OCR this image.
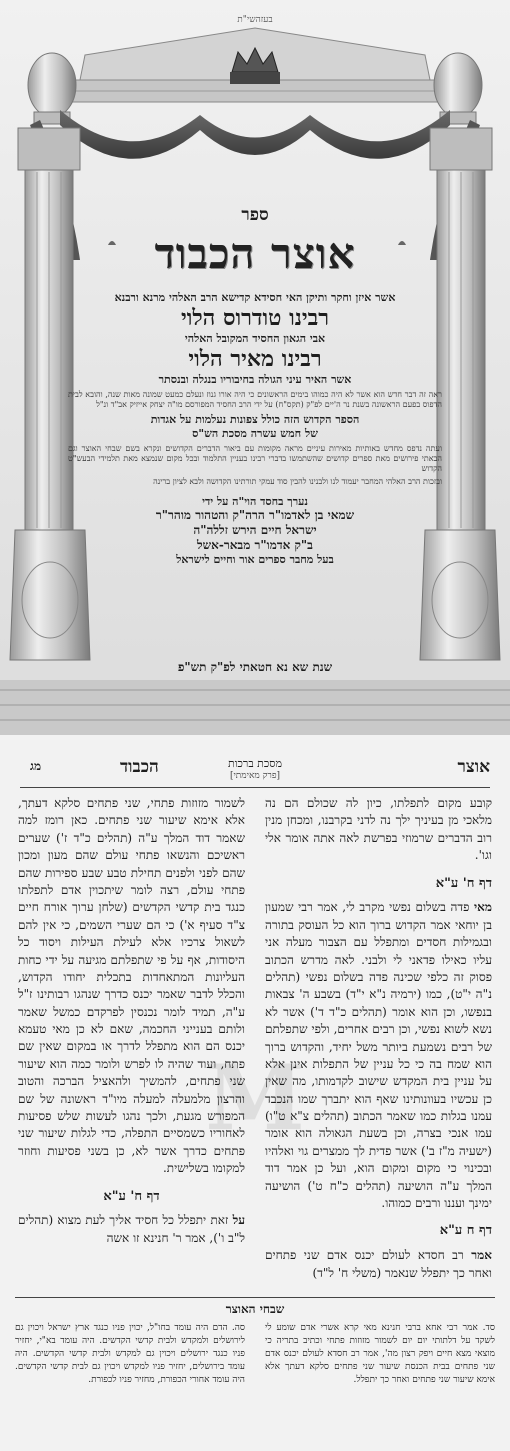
בעזהשי"ת
ספר
אוצר הכבוד
אשר איזן וחקר ותיקן האי חסידא קדישא הרב האלהי מרנא ורבנא
רבינו טודרוס הלוי
אבי הגאון החסיד המקובל האלהי
רבינו מאיר הלוי
אשר האיר עיני הגולה בחיבוריו בנגלה ובנסתר
ראה זה דבר חדש הוא אשר לא היה כמוהו בימים הראשונים כי היה אורו גנוז ונעלם כמעט שמונה מאות שנה, והובא לבית הדפוס בפעם הראשונה בשנת נר ה'יים לפ"ק (תקס"ח) על ידי הרב החסיד המפורסם מו"ה יצחק אייזיק אב"ד ונ"ל
הספר הקדוש הזה כולל צפונות נעלמות על אגדות
של חמש עשרה מסכת הש"ס
ועתה נדפס מחדש באותיות מאירות עיניים מראה מקומות עם ביאור הדברים הקדושים ונקרא בשם שבחי האוצר וגם הבאתי פירושים מאת ספרים קדושים שהשתמשו בדברי רבינו בעניין התלמוד ובכל מקום שנמצא מאת תלמידי הבעש"ט הקדוש
ובזכות הרב האלהי המחבר יעמוד לנו ולבנינו להבין סוד עמקי תורתינו הקדושה ולבא לציון ברינה
נערך בחסד הוי"ה על ידי
שמאי בן לאדמו"ר הרה"ק והטהור מוהר"ר
ישראל חיים הירש זללה"ה
ב"ק אדמו"ר מבאר-אשל
בעל מחבר ספרים אור וחיים לישראל
שנת שא נא חטאתי לפ"ק תש"פ
M
אוצר
מסכת ברכות
[פרק מאימתי]
הכבוד
מג

קובע מקום לתפלתו, כיון לה שכולם הם נה מלאכי מן בעיניך ילך נה לדני בקרבנו, ומכחן מנין רוב הדברים שרמוזי בפרשת לאה אתה אומר אלי וגו'.

דף ח' ע"א

מאי פדה בשלום נפשי מקרב לי, אמר רבי שמעון בן יוחאי אמר הקדוש ברוך הוא כל העוסק בתורה ובגמילות חסדים ומתפלל עם הצבור מעלה אני עליו כאילו פדאני לי ולבני. לאה מדרש הכתוב פסוק זה כלפי שכינה פדה בשלום נפשי (תהלים נ"ה י"ט), כמו (ירמיה נ"א י"ד) בשבע ה' צבאות בנפשו, וכן הוא אומר (תהלים כ"ד ד') אשר לא נשא לשוא נפשי, וכן רבים אחרים, ולפי שתפלתם של רבים נשמעת ביותר משל יחיד, והקדוש ברוך הוא שמח בה כי כל עניין של התפלות אינן אלא על עניין בית המקדש שישוב לקדמותו, מה שאין כן עכשיו בעוונותינו שאף הוא יתברך שמו הנכבד עמנו בגלות כמו שאמר הכתוב (תהלים צ"א ט"ו) עמו אנכי בצרה, וכן בשעת הגאולה הוא אומר (ישעיה מ"ז ב') אשר פדית לך ממצרים גוי ואלהיו ובכינוי כי מקום ומקום הוא, ועל כן אמר דוד המלך ע"ה הושיעה (תהלים כ"ח ט') הושיעה ימינך ועננו ורבים כמוהו.

דף ח ע"א

אמר רב חסדא לעולם יכנס אדם שני פתחים ואחר כך יתפלל שנאמר (משלי ח' ל"ד)

לשמור מזוזות פתחי, שני פתחים סלקא דעתך, אלא אימא שיעור שני פתחים. כאן רומז למה שאמר דוד המלך ע"ה (תהלים כ"ד ז') שערים ראשיכם והנשאו פתחי עולם שהם מעון ומכון שהם לפני ולפנים תחילת טבע שבע ספירות שהם פתחי עולם, רצה לומר שיתכוין אדם לתפלתו כנגד בית קדשי הקדשים (שלחן ערוך אורח חיים צ"ד סעיף א') כי הם שערי השמים, כי אין להם לשאול צרכיו אלא לעילת העילות ויסוד כל היסודות, אף על פי שתפלתם מגיעה על ידי כחות העליונות המתאחדות בתכלית יחודו הקדוש, והכלל לדבר שאמר יכנס כדרך שנהגו רבותינו ז"ל ע"ה, תמיד לומר נכנסין לפרקדם כמשל שאמר ולותם בענייני החכמה, שאם לא כן מאי טעמא יכנס הם הוא מתפלל לדרך או במקום שאין שם פתח, ועוד שהיה לו לפרש ולומר כמה הוא שיעור שני פתחים, להמשיך ולהאציל הברכה והטוב והרצון מלמעלה למעלה מיו"ד ראשונה של שם המפורש מגעת, ולכך נהגו לעשות שלש פסיעות לאחוריו כשמסיים התפלה, כדי לגלות שיעור שני פתחים כדרך אשר לא, כן בשני פסיעות וחוזר למקומו בשלישית.

דף ח' ע"א

על זאת יתפלל כל חסיד אליך לעת מצוא (תהלים ל"ב ו'), אמר ר' חנינא זו אשה

שבחי האוצר
סד. אמר רבי אחא ברבי חנינא מאי קרא אשרי אדם שומע לי לשקד על דלתותי יום יום לשמור מזוזות פתחי וכתיב בתריה כי מוצאי מצא חיים ויפק רצון מה', אמר רב חסדא לעולם יכנס אדם שני פתחים בבית הכנסת שיעור שני פתחים סלקא דעתך אלא אימא שיעור שני פתחים ואחר כך יתפלל.
סה. הדם היה עומד בחו"ל, יכוין פניו כנגד ארץ ישראל ויכוין גם לירושלים ולמקדש ולבית קדשי הקדשים. היה עומד בא"י, יחזיר פניו כנגד ירושלים ויכוין גם למקדש ולבית קדשי הקדשים. היה עומד בירושלים, יחזיר פניו למקדש ויכוין גם לבית קדשי הקדשים. היה עומד אחורי הכפורת, מחזיר פניו לכפורת.
